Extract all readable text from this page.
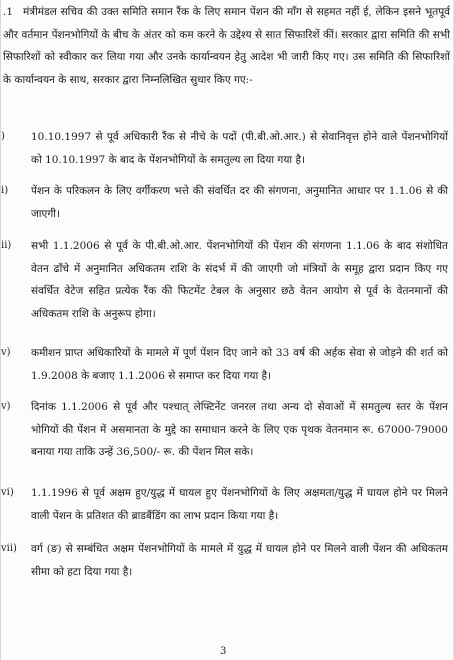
.1 मंत्रीमंडल सचिव की उक्त समिति समान रैंक के लिए समान पेंशन की माँग से सहमत नहीं ई, लेकिन इसने भूतपूर्व और वर्तमान पेंशनभोगियों के बीच के अंतर को कम करने के उद्देश्य से सात सिफारिशें कीं। सरकार द्वारा समिति की सभी सिफारिशों को स्वीकार कर लिया गया और उनके कार्यान्वयन हेतु आदेश भी जारी किए गए। उस समिति की सिफारिशों के कार्यान्वयन के साथ, सरकार द्वारा निम्नलिखित सुधार किए गए:-

)	10.10.1997 से पूर्व अधिकारी रैंक से नीचे के पदों (पी.बी.ओ.आर.) से सेवानिवृत्त होने वाले पेंशनभोगियों को 10.10.1997 के बाद के पेंशनभोगियों के समतुल्य ला दिया गया है।

i)	पेंशन के परिकलन के लिए वर्गीकरण भत्ते की संवर्धित दर की संगणना, अनुमानित आधार पर 1.1.06 से की जाएगी।

ii)	सभी 1.1.2006 से पूर्व के पी.बी.ओ.आर. पेंशनभोगियों की पेंशन की संगणना 1.1.06 के बाद संशोधित वेतन ढाँचे में अनुमानित अधिकतम राशि के संदर्भ में की जाएगी जो मंत्रियों के समूह द्वारा प्रदान किए गए संवर्धित वेटेज सहित प्रत्येक रैंक की फिटमेंट टेबल के अनुसार छठे वेतन आयोग से पूर्व के वेतनमानों की अधिकतम राशि के अनुरूप होगा।

v)	कमीशन प्राप्त अधिकारियों के मामले में पूर्ण पेंशन दिए जाने को 33 वर्ष की अर्हक सेवा से जोड़ने की शर्त को 1.9.2008 के बजाए 1.1.2006 से समाप्त कर दिया गया है।

v)	दिनांक 1.1.2006 से पूर्व और पश्चात् लेफ्टिनेंट जनरल तथा अन्य दो सेवाओं में समतुल्य स्तर के पेंशन भोगियों की पेंशन में असमानता के मुद्दे का समाधान करने के लिए एक पृथक वेतनमान रू. 67000-79000 बनाया गया ताकि उन्हें 36,500/- रू. की पेंशन मिल सके।

vi)	1.1.1996 से पूर्व अक्षम हुए/युद्ध में घायल हुए पेंशनभोगियों के लिए अक्षमता/युद्ध में घायल होने पर मिलने वाली पेंशन के प्रतिशत की ब्राडबैंडिंग का लाभ प्रदान किया गया है।

vii)	वर्ग (ङ) से सम्बंधित अक्षम पेंशनभोगियों के मामले में युद्ध में घायल होने पर मिलने वाली पेंशन की अधिकतम सीमा को हटा दिया गया है।

3
